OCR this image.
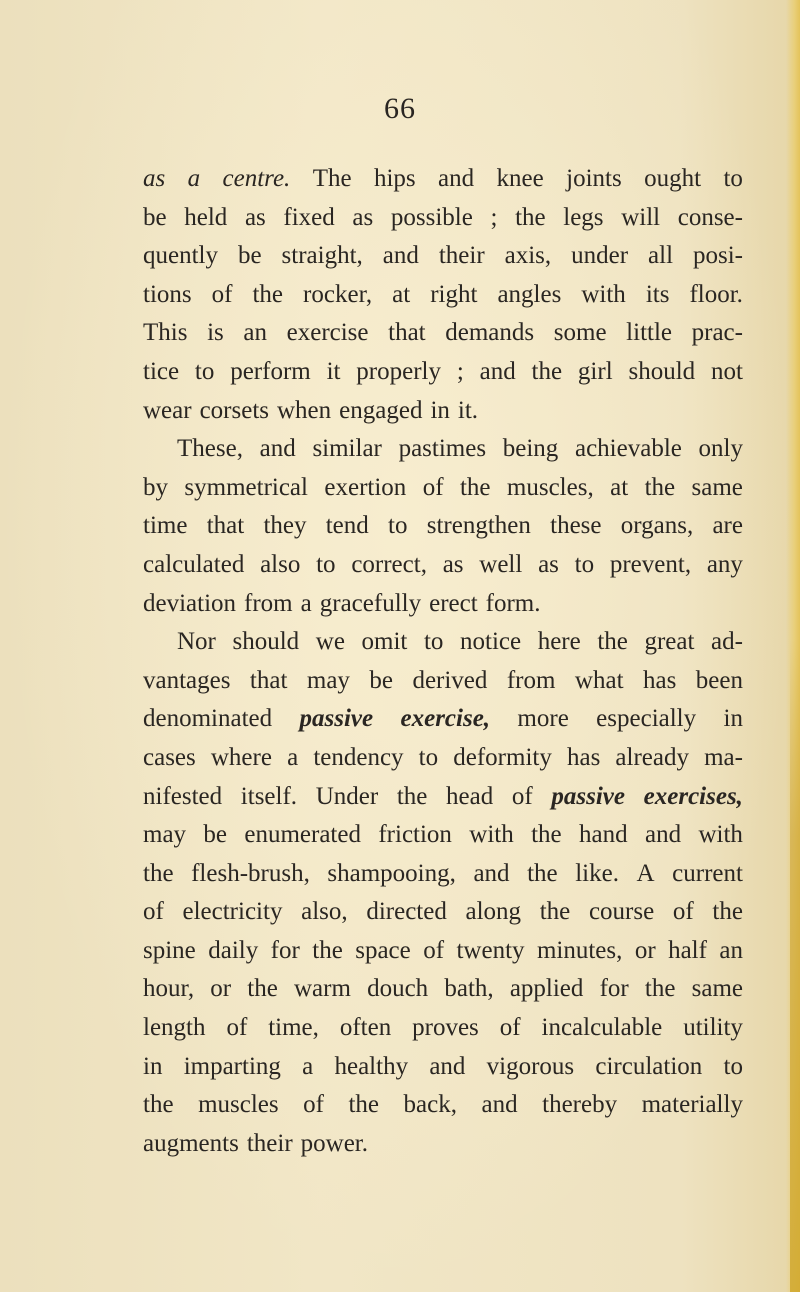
66
as a centre. The hips and knee joints ought to
be held as fixed as possible ; the legs will conse-
quently be straight, and their axis, under all posi-
tions of the rocker, at right angles with its floor.
This is an exercise that demands some little prac-
tice to perform it properly ; and the girl should not
wear corsets when engaged in it.
These, and similar pastimes being achievable only
by symmetrical exertion of the muscles, at the same
time that they tend to strengthen these organs, are
calculated also to correct, as well as to prevent, any
deviation from a gracefully erect form.
Nor should we omit to notice here the great ad-
vantages that may be derived from what has been
denominated passive exercise, more especially in
cases where a tendency to deformity has already ma-
nifested itself. Under the head of passive exercises,
may be enumerated friction with the hand and with
the flesh-brush, shampooing, and the like. A current
of electricity also, directed along the course of the
spine daily for the space of twenty minutes, or half an
hour, or the warm douch bath, applied for the same
length of time, often proves of incalculable utility
in imparting a healthy and vigorous circulation to
the muscles of the back, and thereby materially
augments their power.
